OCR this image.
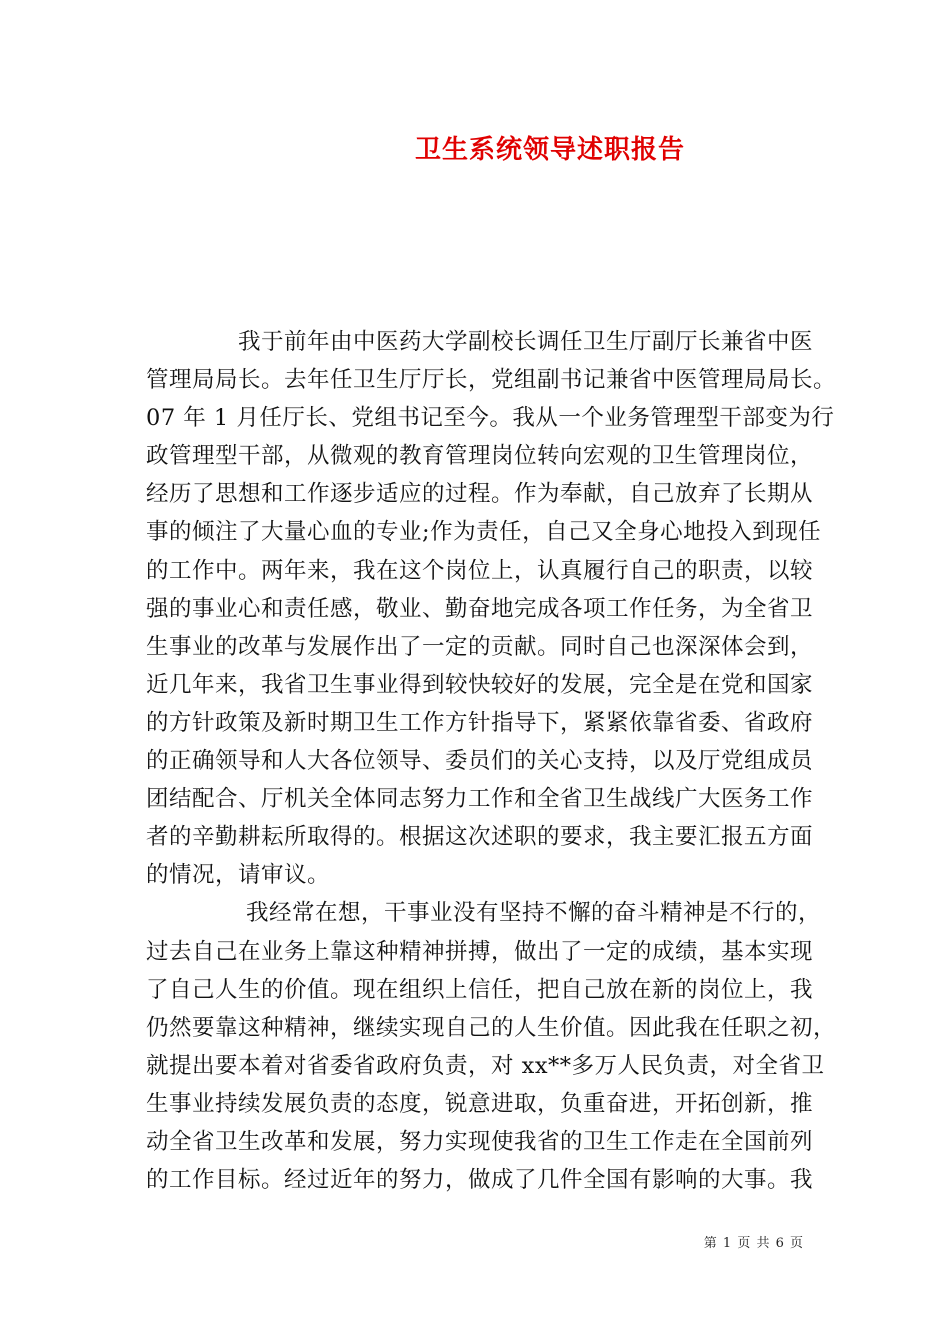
卫生系统领导述职报告
我于前年由中医药大学副校长调任卫生厅副厅长兼省中医
管理局局长。去年任卫生厅厅长，党组副书记兼省中医管理局局长。
07 年 1 月任厅长、党组书记至今。我从一个业务管理型干部变为行
政管理型干部，从微观的教育管理岗位转向宏观的卫生管理岗位，
经历了思想和工作逐步适应的过程。作为奉献，自己放弃了长期从
事的倾注了大量心血的专业;作为责任，自己又全身心地投入到现任
的工作中。两年来，我在这个岗位上，认真履行自己的职责，以较
强的事业心和责任感，敬业、勤奋地完成各项工作任务，为全省卫
生事业的改革与发展作出了一定的贡献。同时自己也深深体会到，
近几年来，我省卫生事业得到较快较好的发展，完全是在党和国家
的方针政策及新时期卫生工作方针指导下，紧紧依靠省委、省政府
的正确领导和人大各位领导、委员们的关心支持，以及厅党组成员
团结配合、厅机关全体同志努力工作和全省卫生战线广大医务工作
者的辛勤耕耘所取得的。根据这次述职的要求，我主要汇报五方面
的情况，请审议。
我经常在想，干事业没有坚持不懈的奋斗精神是不行的，
过去自己在业务上靠这种精神拼搏，做出了一定的成绩，基本实现
了自己人生的价值。现在组织上信任，把自己放在新的岗位上，我
仍然要靠这种精神，继续实现自己的人生价值。因此我在任职之初，
就提出要本着对省委省政府负责，对 xx**多万人民负责，对全省卫
生事业持续发展负责的态度，锐意进取，负重奋进，开拓创新，推
动全省卫生改革和发展，努力实现使我省的卫生工作走在全国前列
的工作目标。经过近年的努力，做成了几件全国有影响的大事。我
第 1 页 共 6 页
